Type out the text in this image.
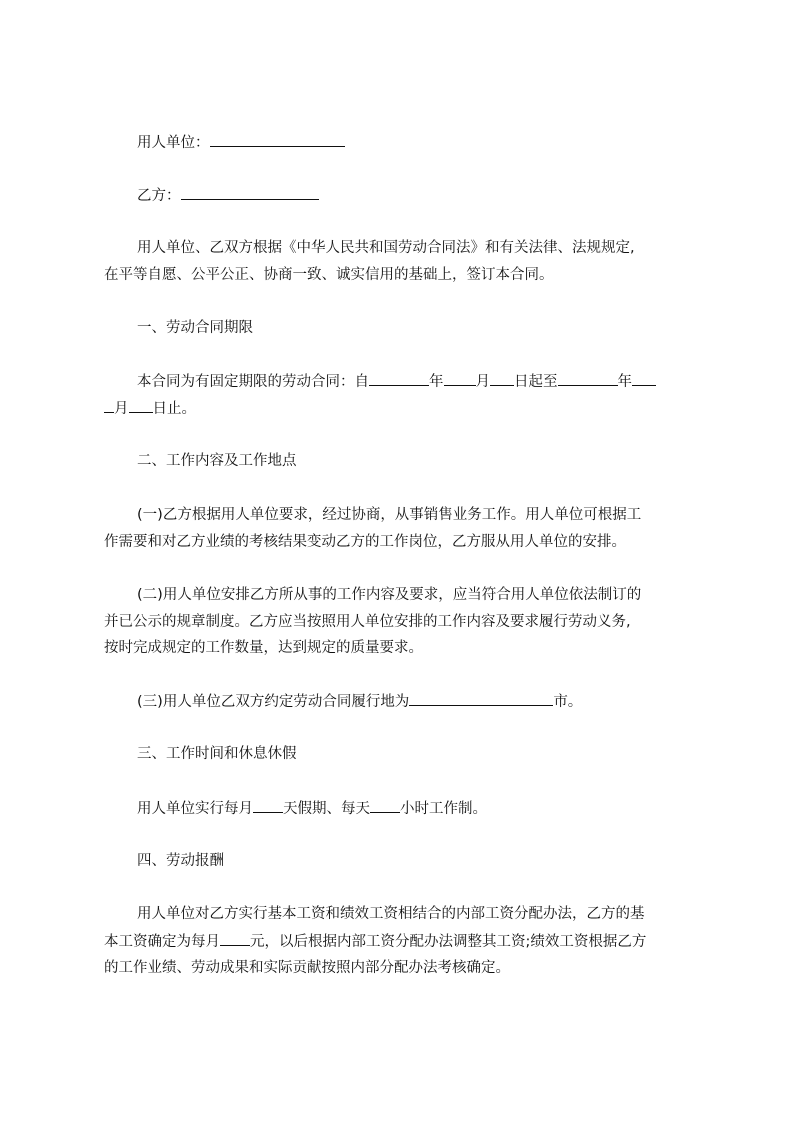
用人单位：
乙方：
用人单位、乙双方根据《中华人民共和国劳动合同法》和有关法律、法规规定,
在平等自愿、公平公正、协商一致、诚实信用的基础上，签订本合同。
一、劳动合同期限
本合同为有固定期限的劳动合同：自	年 月 日起至	年
月 日止。
二、工作内容及工作地点
(一)乙方根据用人单位要求，经过协商，从事销售业务工作。用人单位可根据工
作需要和对乙方业绩的考核结果变动乙方的工作岗位，乙方服从用人单位的安排。
(二)用人单位安排乙方所从事的工作内容及要求，应当符合用人单位依法制订的
并已公示的规章制度。乙方应当按照用人单位安排的工作内容及要求履行劳动义务,
按时完成规定的工作数量，达到规定的质量要求。
(三)用人单位乙双方约定劳动合同履行地为	市。
三、工作时间和休息休假
用人单位实行每月 天假期、每天 小时工作制。
四、劳动报酬
用人单位对乙方实行基本工资和绩效工资相结合的内部工资分配办法，乙方的基
本工资确定为每月 元，以后根据内部工资分配办法调整其工资;绩效工资根据乙方
的工作业绩、劳动成果和实际贡献按照内部分配办法考核确定。
